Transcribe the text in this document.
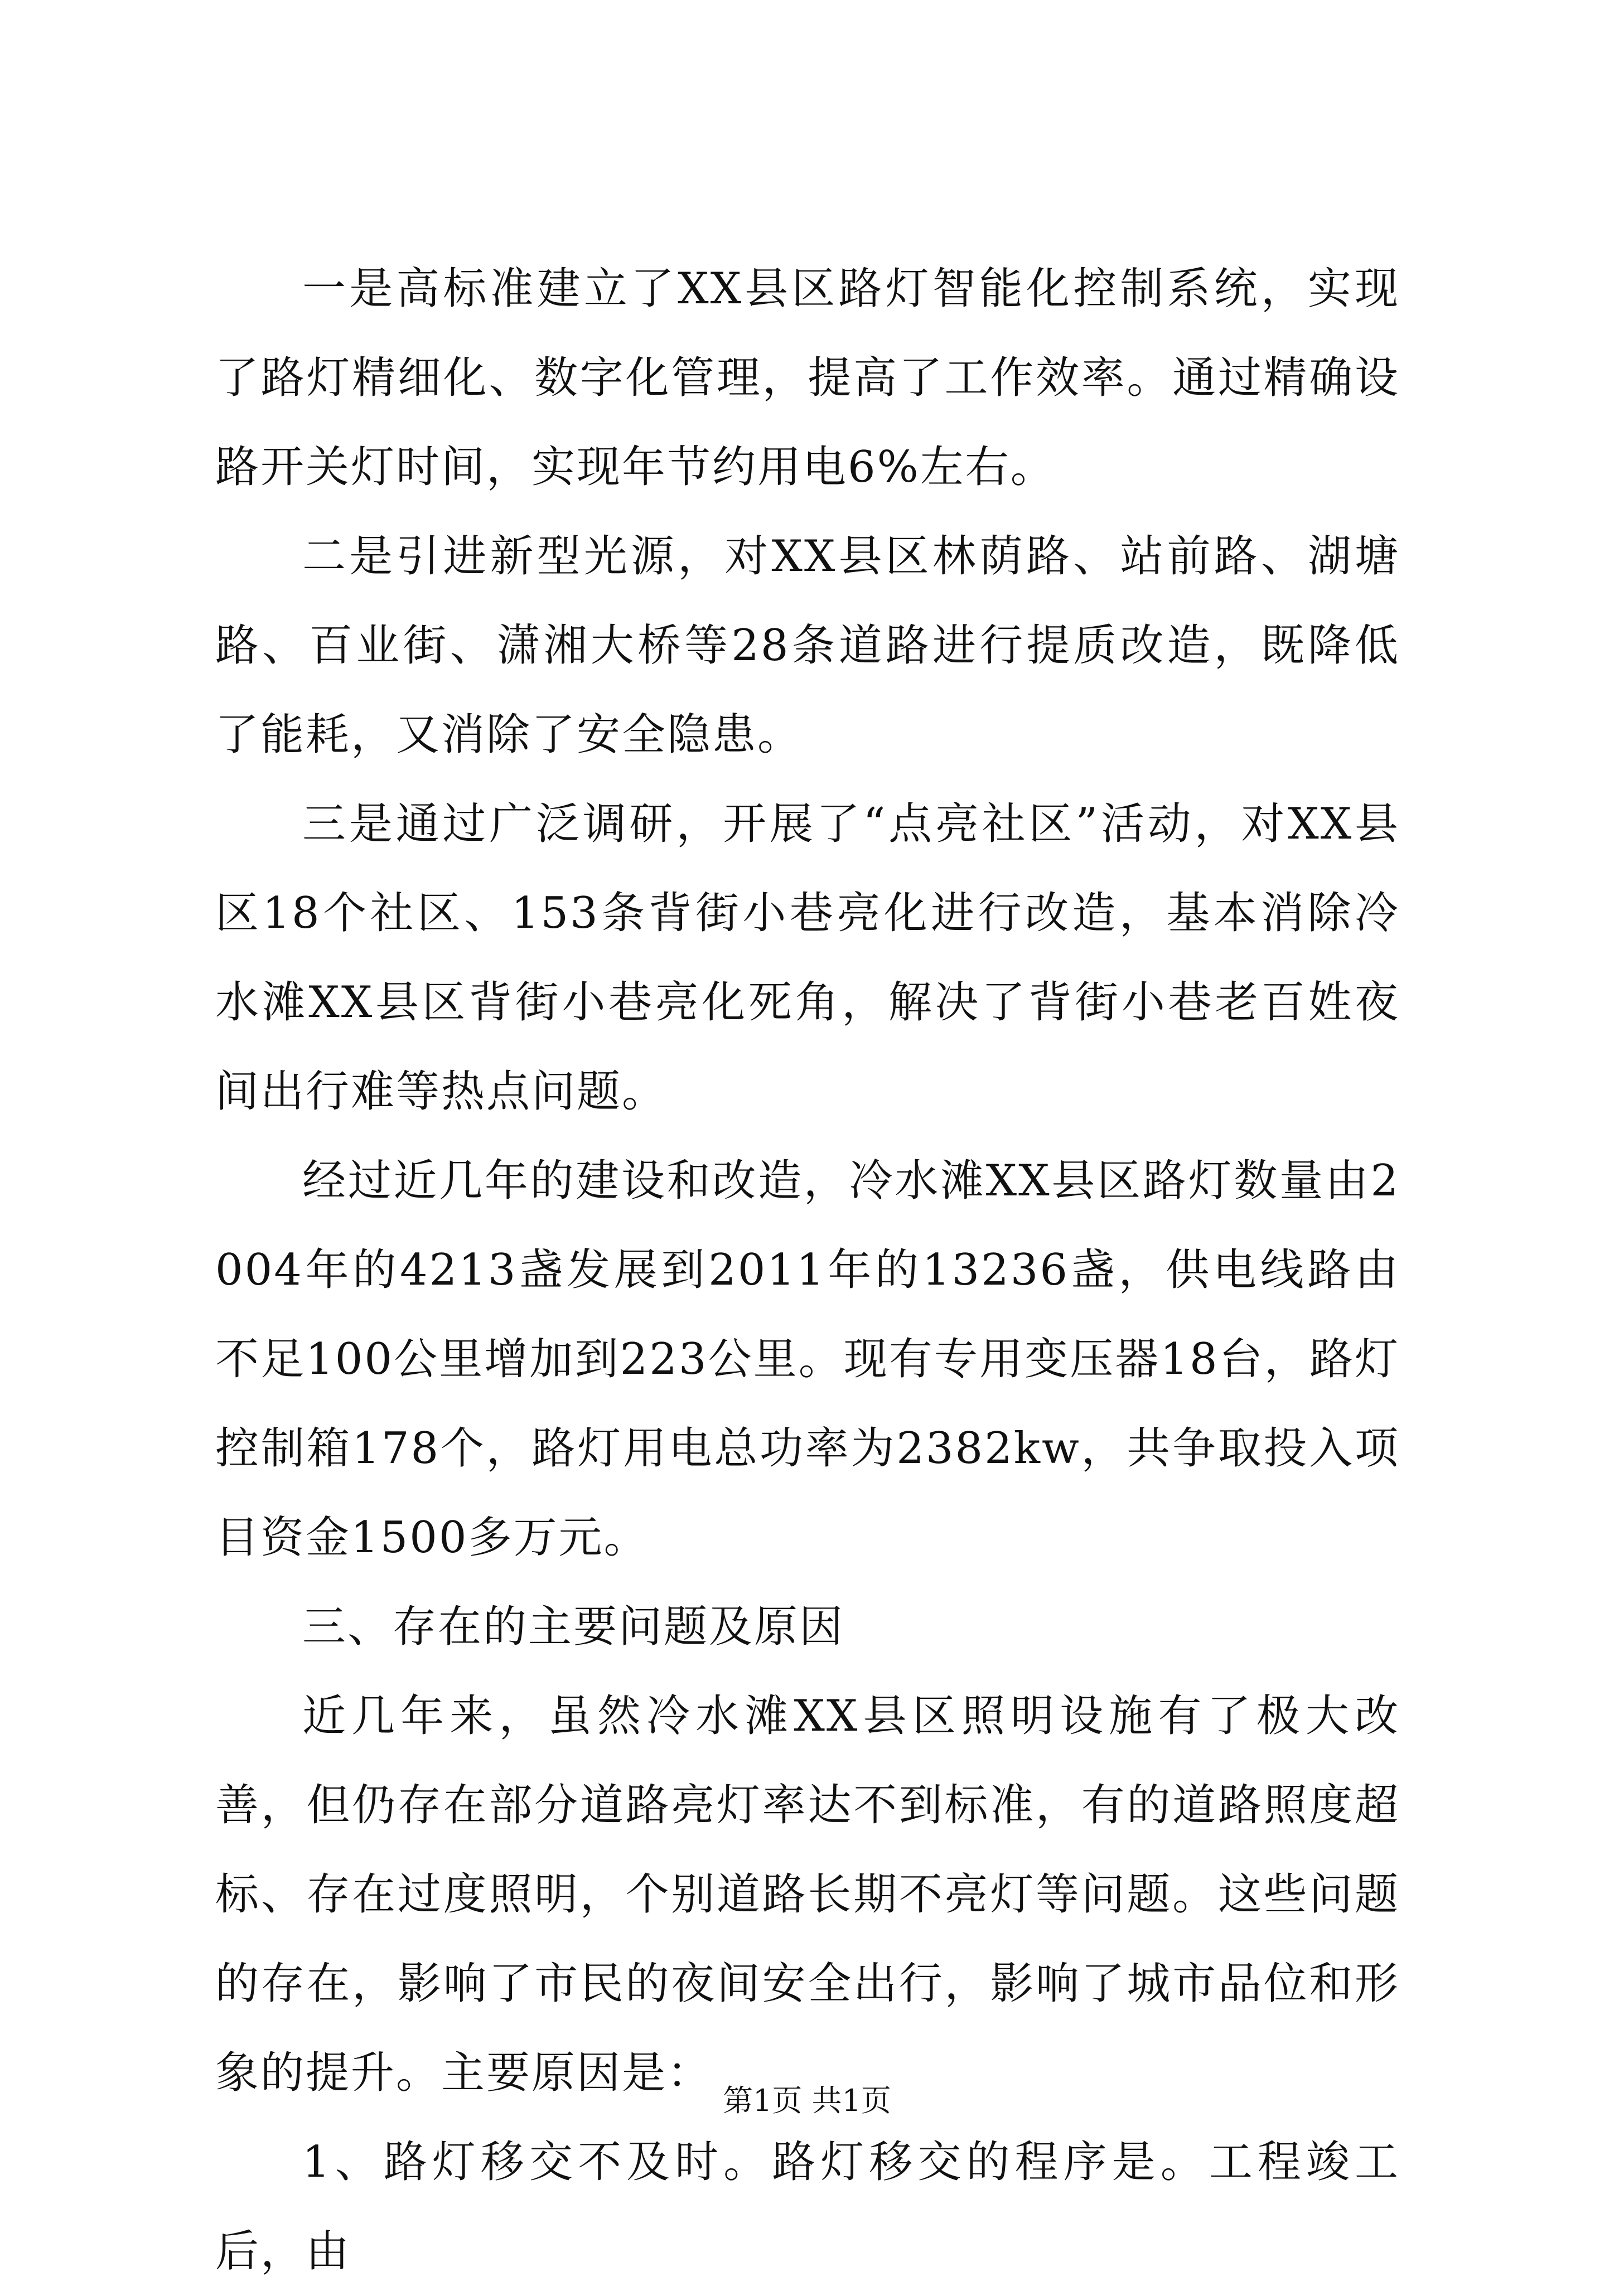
一是高标准建立了XX县区路灯智能化控制系统，实现了路灯精细化、数字化管理，提高了工作效率。通过精确设路开关灯时间，实现年节约用电6%左右。

二是引进新型光源，对XX县区林荫路、站前路、湖塘路、百业街、潇湘大桥等28条道路进行提质改造，既降低了能耗，又消除了安全隐患。

三是通过广泛调研，开展了“点亮社区”活动，对XX县区18个社区、153条背街小巷亮化进行改造，基本消除冷水滩XX县区背街小巷亮化死角，解决了背街小巷老百姓夜间出行难等热点问题。

经过近几年的建设和改造，冷水滩XX县区路灯数量由2004年的4213盏发展到2011年的13236盏，供电线路由不足100公里增加到223公里。现有专用变压器18台，路灯控制箱178个，路灯用电总功率为2382kw，共争取投入项目资金1500多万元。

三、存在的主要问题及原因

近几年来，虽然冷水滩XX县区照明设施有了极大改善，但仍存在部分道路亮灯率达不到标准，有的道路照度超标、存在过度照明，个别道路长期不亮灯等问题。这些问题的存在，影响了市民的夜间安全出行，影响了城市品位和形象的提升。主要原因是：

1、路灯移交不及时。路灯移交的程序是。工程竣工后，由

第1页 共1页
